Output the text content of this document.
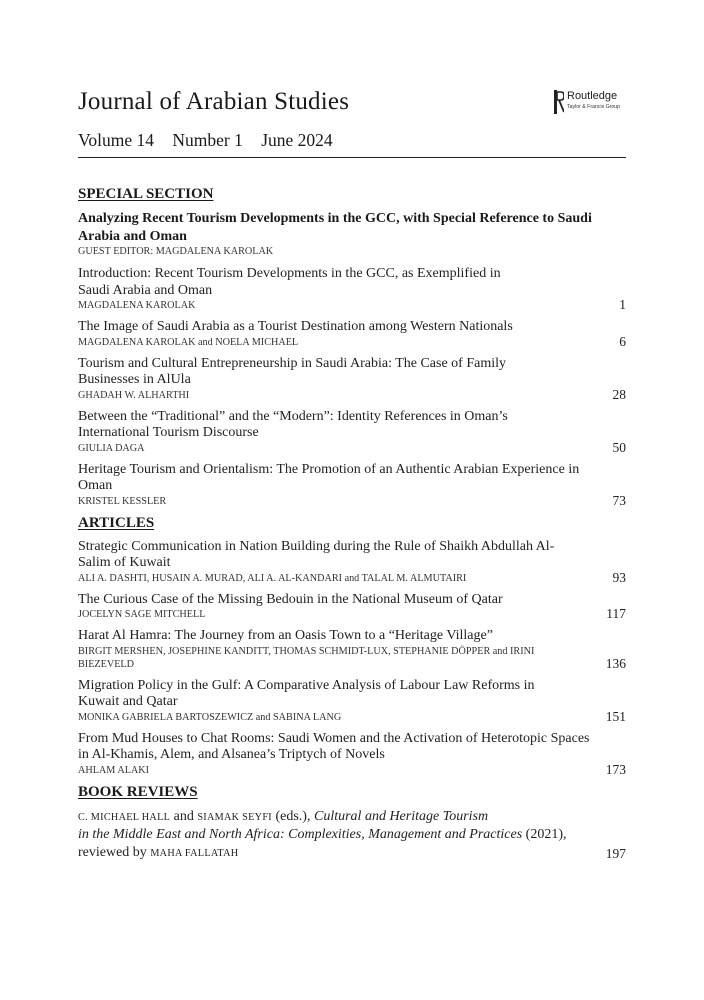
Journal of Arabian Studies
Volume 14 Number 1 June 2024
Routledge
Taylor & Francis Group
SPECIAL SECTION
Analyzing Recent Tourism Developments in the GCC, with Special Reference to Saudi
Arabia and Oman
GUEST EDITOR: MAGDALENA KAROLAK
Introduction: Recent Tourism Developments in the GCC, as Exemplified in Saudi Arabia and Oman
MAGDALENA KAROLAK	1
The Image of Saudi Arabia as a Tourist Destination among Western Nationals
MAGDALENA KAROLAK and NOELA MICHAEL	6
Tourism and Cultural Entrepreneurship in Saudi Arabia: The Case of Family Businesses in AlUla
GHADAH W. ALHARTHI	28
Between the “Traditional” and the “Modern”: Identity References in Oman’s International Tourism Discourse
GIULIA DAGA	50
Heritage Tourism and Orientalism: The Promotion of an Authentic Arabian Experience in Oman
KRISTEL KESSLER	73
ARTICLES
Strategic Communication in Nation Building during the Rule of Shaikh Abdullah Al-Salim of Kuwait
ALI A. DASHTI, HUSAIN A. MURAD, ALI A. AL-KANDARI and TALAL M. ALMUTAIRI	93
The Curious Case of the Missing Bedouin in the National Museum of Qatar
JOCELYN SAGE MITCHELL	117
Harat Al Hamra: The Journey from an Oasis Town to a “Heritage Village”
BIRGIT MERSHEN, JOSEPHINE KANDITT, THOMAS SCHMIDT-LUX, STEPHANIE DÖPPER and IRINI BIEZEVELD	136
Migration Policy in the Gulf: A Comparative Analysis of Labour Law Reforms in Kuwait and Qatar
MONIKA GABRIELA BARTOSZEWICZ and SABINA LANG	151
From Mud Houses to Chat Rooms: Saudi Women and the Activation of Heterotopic Spaces in Al-Khamis, Alem, and Alsanea’s Triptych of Novels
AHLAM ALAKI	173
BOOK REVIEWS
C. MICHAEL HALL and SIAMAK SEYFI (eds.), Cultural and Heritage Tourism
in the Middle East and North Africa: Complexities, Management and Practices (2021),
reviewed by MAHA FALLATAH	197
